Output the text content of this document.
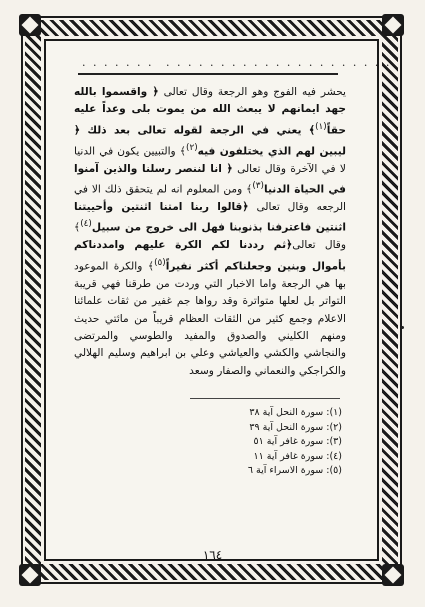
. . . . . . . . . . . . . . . . . . . . .
. . . . . . .

يحشر فيه الفوج وهو الرجعة وقال تعالى ﴿ واقسموا بالله جهد ايمانهم لا يبعث الله من يموت بلى وعداً عليه حقاً$^{(١)}$﴾ يعني في الرجعة لقوله تعالى بعد ذلك ﴿ ليبين لهم الذي يختلفون فيه$^{(٢)}$﴾ والتبيين يكون في الدنيا لا في الآخرة وقال تعالى ﴿ انا لننصر رسلنا والذين آمنوا في الحياة الدنيا$^{(٣)}$﴾ ومن المعلوم انه لم يتحقق ذلك الا في الرجعه وقال تعالى ﴿قالوا ربنا امتنا اثنتين وأحييتنا اثنتين فاعترفنا بذنوبنا فهل الى خروج من سبيل$^{(٤)}$﴾وقال تعالى﴿ثم رددنا لكم الكرة عليهم وامددناكم بأموال وبنين وجعلناكم أكثر نفيراً$^{(٥)}$﴾ والكرة الموعود بها هي الرجعة واما الاخبار التي وردت من طرقنا فهي قريبة التواتر بل لعلها متواترة وقد رواها جم غفير من ثقات علمائنا الاعلام وجمع كثير من الثقات العظام قريباً من مائتي حديث ومنهم الكليني والصدوق والمفيد والطوسي والمرتضى والنجاشي والكشي والعياشي وعلي بن ابراهيم وسليم الهلالي والكراجكي والنعماني والصفار وسعد

(١): سورة النحل آية ٣٨
(٢): سورة النحل آية ٣٩
(٣): سورة غافر آية ٥١
(٤): سورة غافر آية ١١
(٥): سورة الاسراء آية ٦
١٦٤
